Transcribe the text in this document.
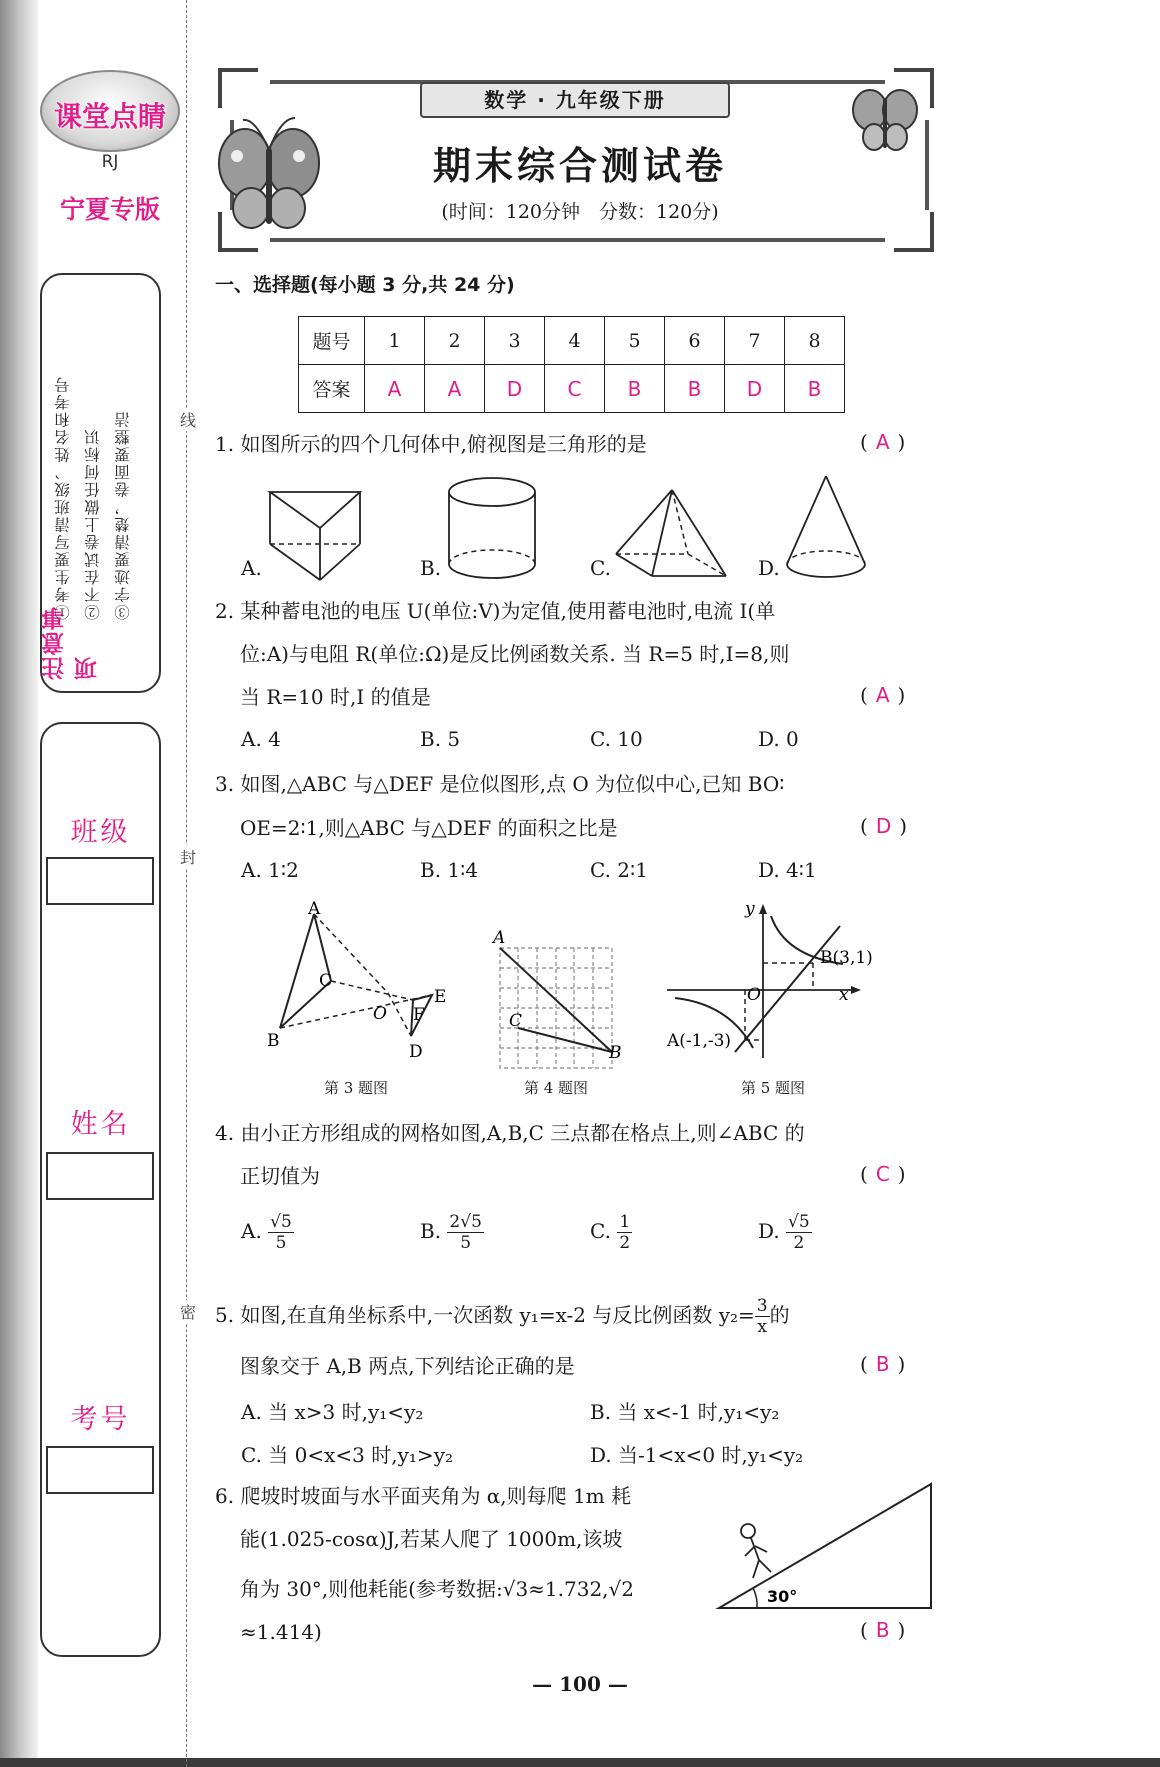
课堂点睛
RJ
宁夏专版
注意事项
①考生要写清班级、姓名和考号 ②不在试卷上做任何标识 ③字迹要清楚，卷面要整洁
班级
姓名
考号
线
封
密
数学 · 九年级下册
期末综合测试卷
(时间：120分钟　分数：120分)
一、选择题(每小题 3 分,共 24 分)
题号	1	2	3	4	5	6	7	8
答案	A	A	D	C	B	B	D	B
1. 如图所示的四个几何体中,俯视图是三角形的是	( A )
A.	B.	C.	D.
2. 某种蓄电池的电压 U(单位:V)为定值,使用蓄电池时,电流 I(单
位:A)与电阻 R(单位:Ω)是反比例函数关系. 当 R=5 时,I=8,则
当 R=10 时,I 的值是	( A )
A. 4	B. 5	C. 10	D. 0
3. 如图,△ABC 与△DEF 是位似图形,点 O 为位似中心,已知 BO∶
OE=2∶1,则△ABC 与△DEF 的面积之比是	( D )
A. 1∶2	B. 1∶4	C. 2∶1	D. 4∶1
A
B
C
O
E
F
D
第 3 题图
A
C
B
第 4 题图
y
x
O
B(3,1)
A(-1,-3)
第 5 题图
4. 由小正方形组成的网格如图,A,B,C 三点都在格点上,则∠ABC 的
正切值为	( C )
A. $\frac{√5}{5}$	B. $\frac{2√5}{5}$	C. $\frac{1}{2}$	D. $\frac{√5}{2}$
5. 如图,在直角坐标系中,一次函数 y₁=x-2 与反比例函数 $y_2= \frac{3}{x}$ 的
图象交于 A,B 两点,下列结论正确的是	( B )
A. 当 x>3 时,y₁<y₂	B. 当 x<-1 时,y₁<y₂
C. 当 0<x<3 时,y₁>y₂	D. 当-1<x<0 时,y₁<y₂
6. 爬坡时坡面与水平面夹角为 α,则每爬 1m 耗
能(1.025-cosα)J,若某人爬了 1000m,该坡
角为 30°,则他耗能(参考数据:√3≈1.732,√2
≈1.414)	( B )
30°
— 100 —
